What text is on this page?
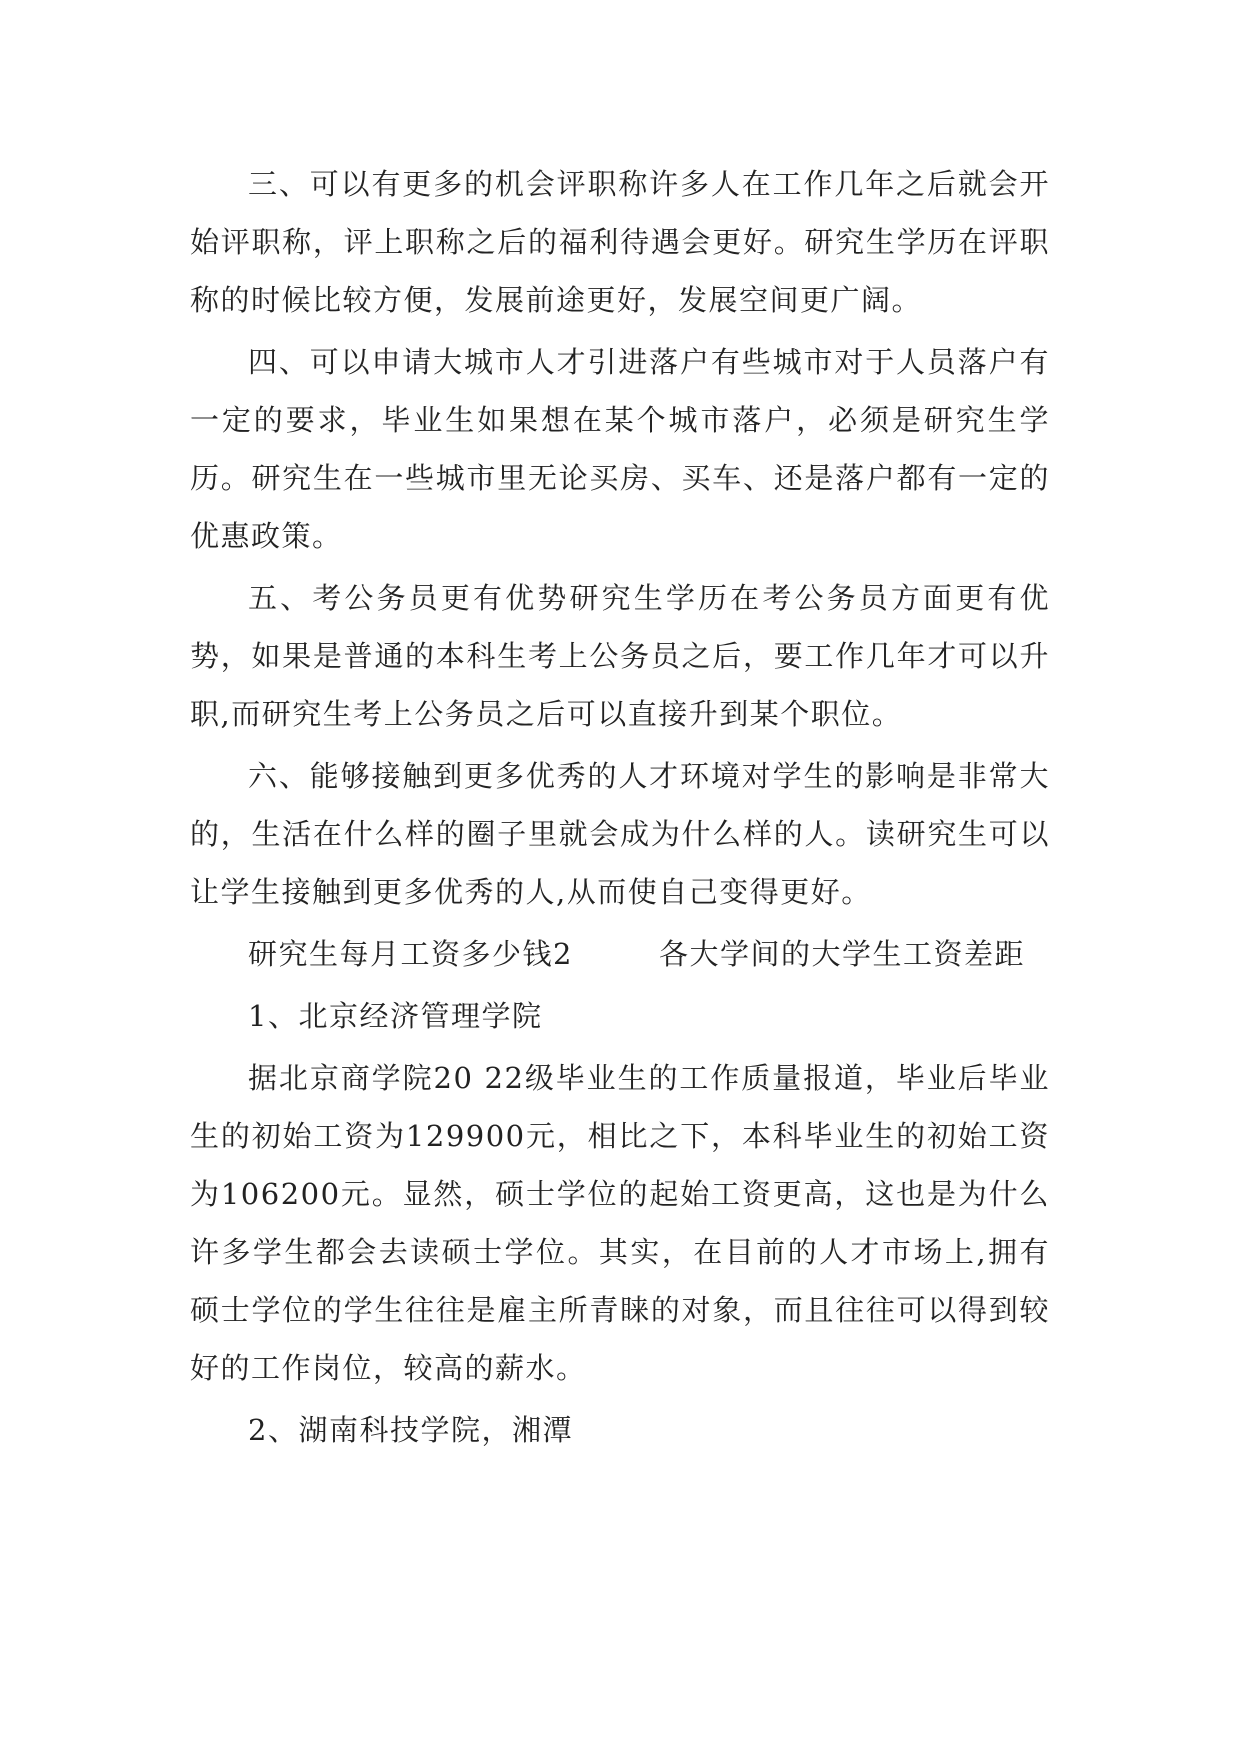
三、可以有更多的机会评职称许多人在工作几年之后就会开始评职称，评上职称之后的福利待遇会更好。研究生学历在评职称的时候比较方便，发展前途更好，发展空间更广阔。

四、可以申请大城市人才引进落户有些城市对于人员落户有一定的要求，毕业生如果想在某个城市落户，必须是研究生学历。研究生在一些城市里无论买房、买车、还是落户都有一定的优惠政策。

五、考公务员更有优势研究生学历在考公务员方面更有优势，如果是普通的本科生考上公务员之后，要工作几年才可以升职,而研究生考上公务员之后可以直接升到某个职位。

六、能够接触到更多优秀的人才环境对学生的影响是非常大的，生活在什么样的圈子里就会成为什么样的人。读研究生可以让学生接触到更多优秀的人,从而使自己变得更好。

研究生每月工资多少钱2	各大学间的大学生工资差距

1、北京经济管理学院

据北京商学院20 22级毕业生的工作质量报道，毕业后毕业生的初始工资为129900元，相比之下，本科毕业生的初始工资为106200元。显然，硕士学位的起始工资更高，这也是为什么许多学生都会去读硕士学位。其实，在目前的人才市场上,拥有硕士学位的学生往往是雇主所青睐的对象，而且往往可以得到较好的工作岗位，较高的薪水。

2、湖南科技学院，湘潭
